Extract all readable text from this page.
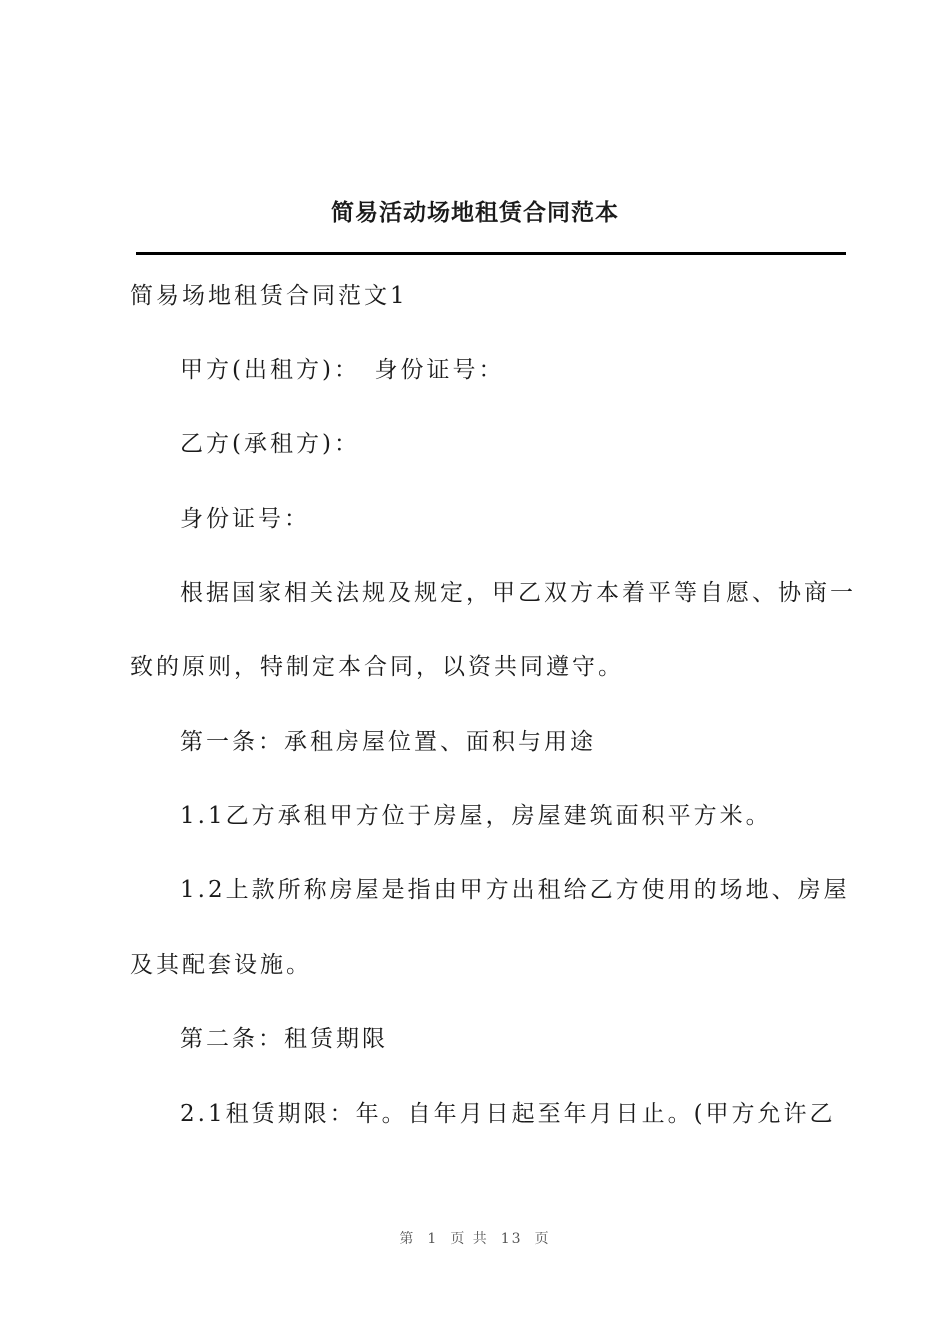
简易活动场地租赁合同范本
简易场地租赁合同范文1
甲方(出租方)：　身份证号：
乙方(承租方)：
身份证号：
根据国家相关法规及规定，甲乙双方本着平等自愿、协商一
致的原则，特制定本合同，以资共同遵守。
第一条：承租房屋位置、面积与用途
1.1乙方承租甲方位于房屋，房屋建筑面积平方米。
1.2上款所称房屋是指由甲方出租给乙方使用的场地、房屋
及其配套设施。
第二条：租赁期限
2.1租赁期限：年。自年月日起至年月日止。(甲方允许乙
第 1 页 共 13 页
